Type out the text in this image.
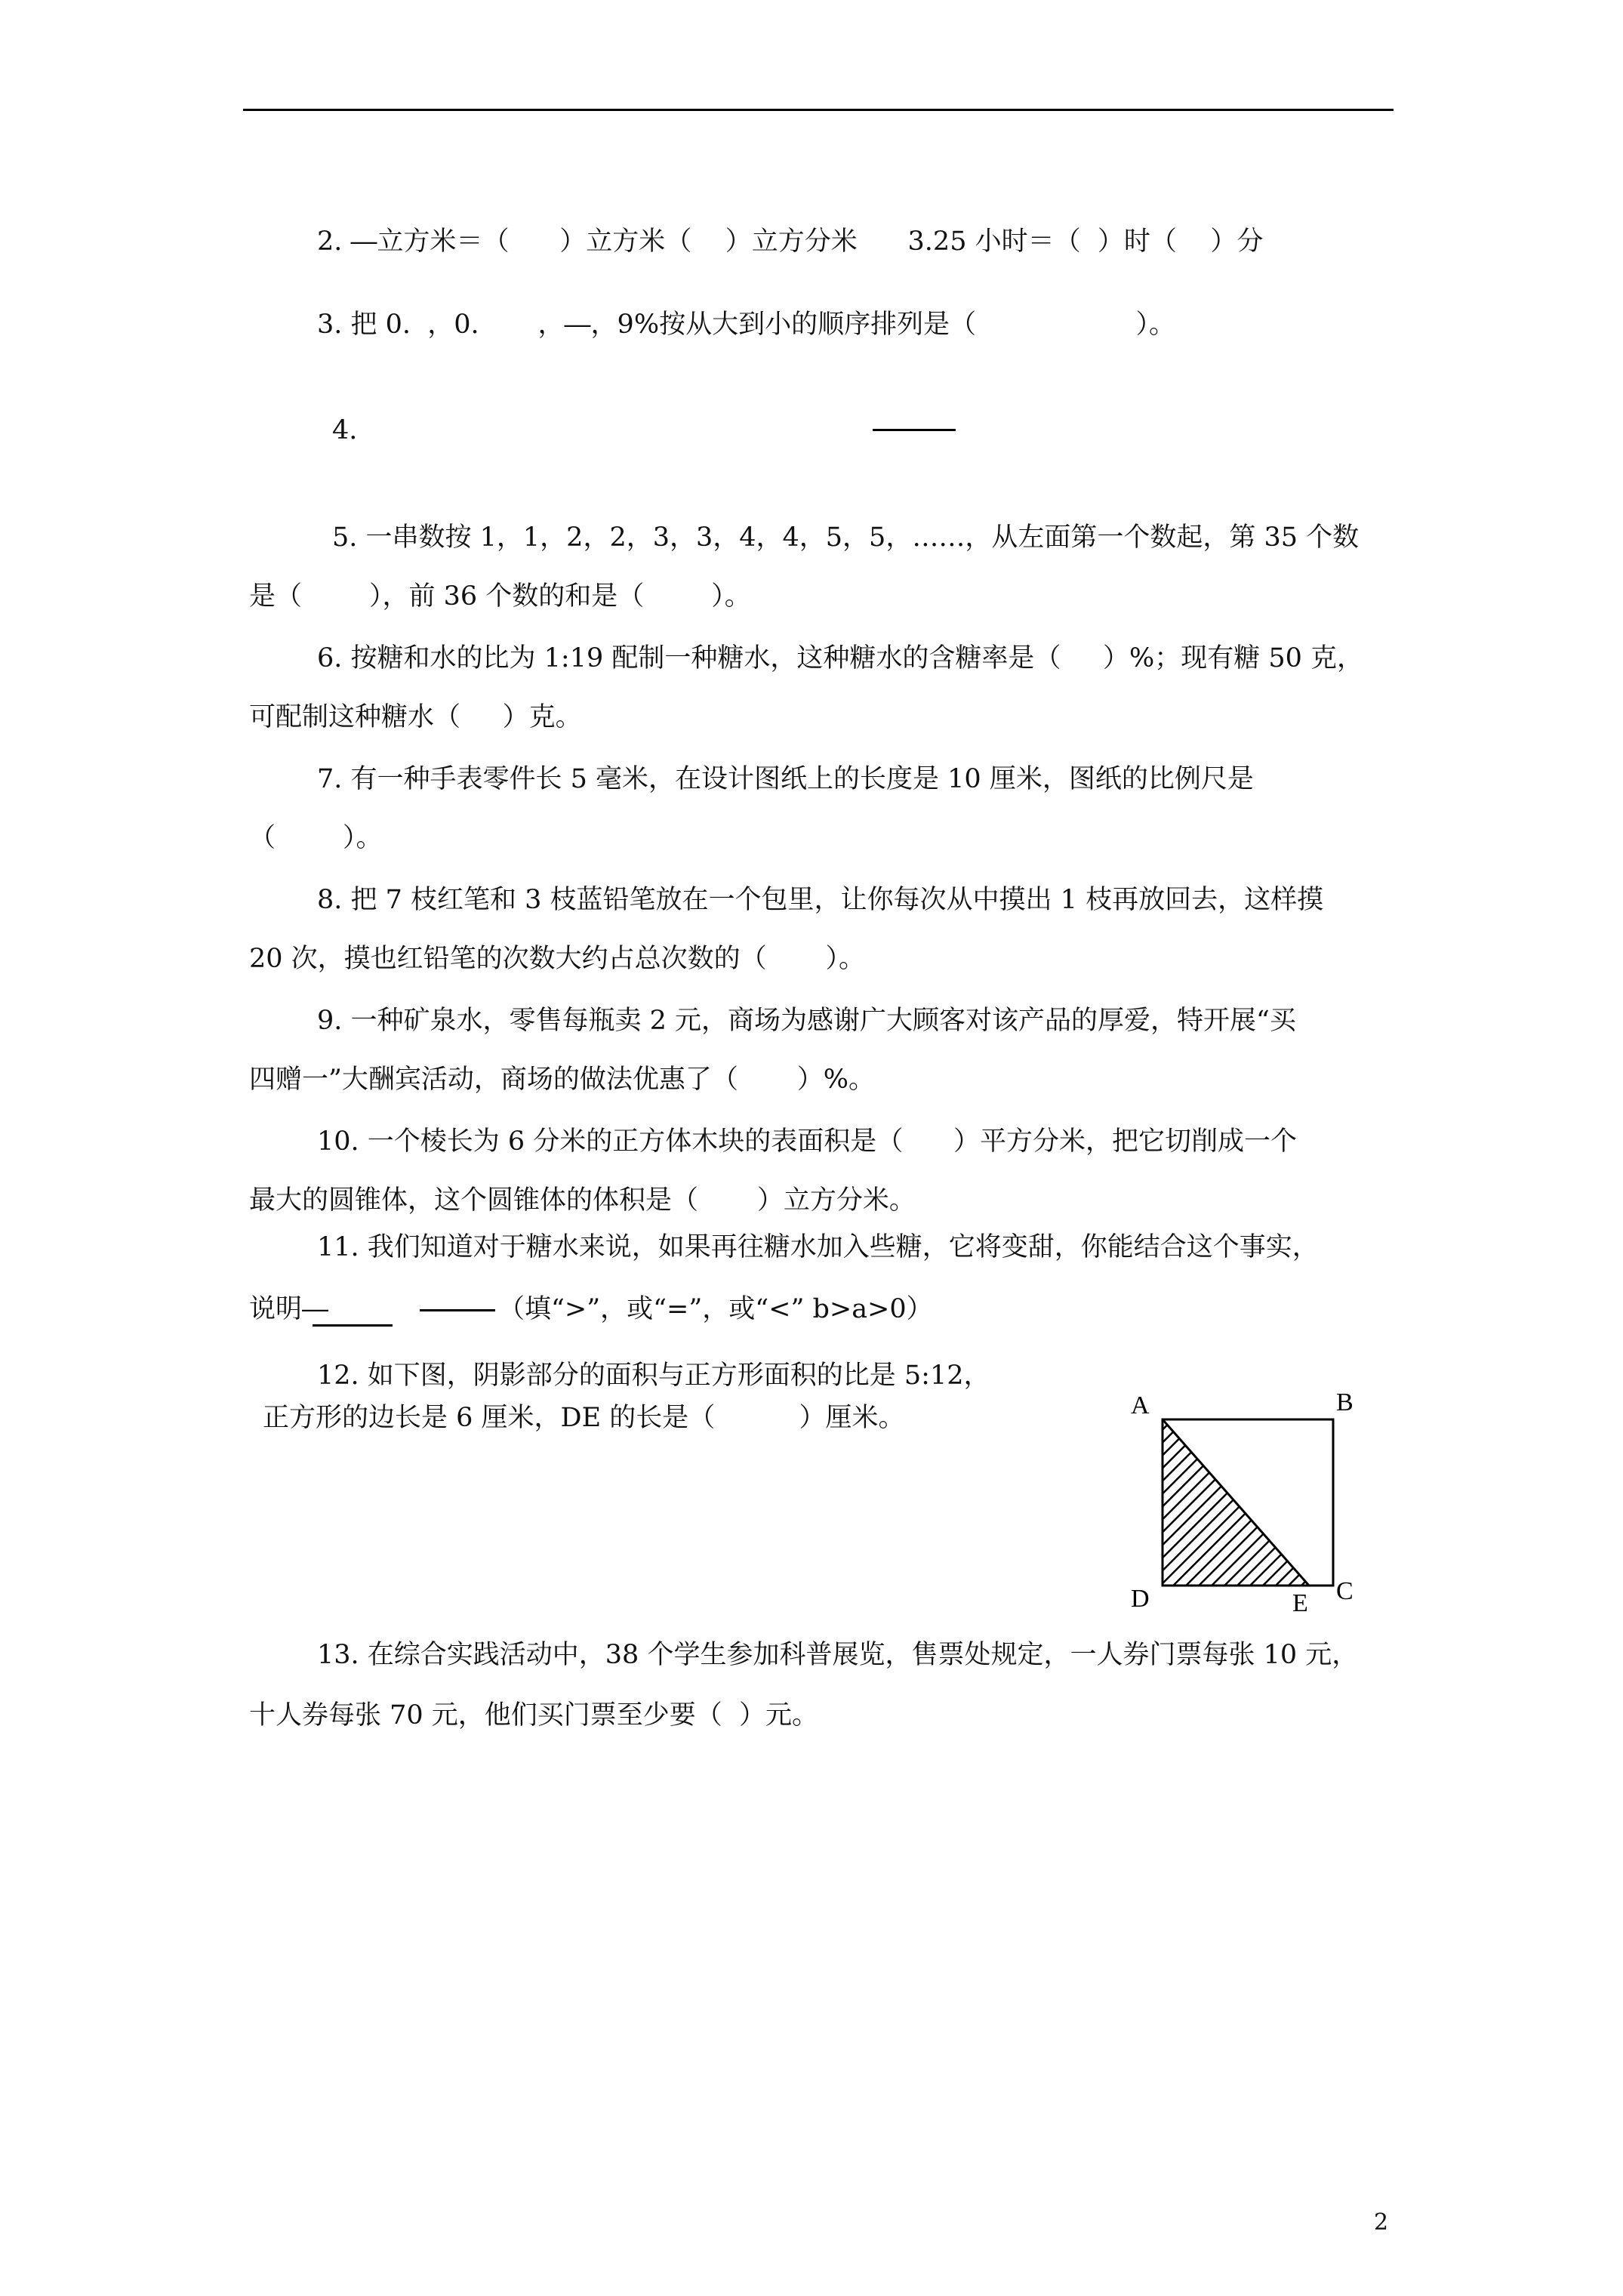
2. ―立方米＝（      ）立方米（    ）立方分米      3.25 小时＝（  ）时（    ）分
3. 把 0.  ，0.       ，―，9%按从大到小的顺序排列是（                   ）。
4.
5. 一串数按 1，1，2，2，3，3，4，4，5，5，……，从左面第一个数起，第 35 个数
是（        ），前 36 个数的和是（        ）。
6. 按糖和水的比为 1:19 配制一种糖水，这种糖水的含糖率是（     ）%；现有糖 50 克，
可配制这种糖水（     ）克。
7. 有一种手表零件长 5 毫米，在设计图纸上的长度是 10 厘米，图纸的比例尺是
（        ）。
8. 把 7 枝红笔和 3 枝蓝铅笔放在一个包里，让你每次从中摸出 1 枝再放回去，这样摸
20 次，摸也红铅笔的次数大约占总次数的（       ）。
9. 一种矿泉水，零售每瓶卖 2 元，商场为感谢广大顾客对该产品的厚爱，特开展“买
四赠一”大酬宾活动，商场的做法优惠了（       ）%。
10. 一个棱长为 6 分米的正方体木块的表面积是（      ）平方分米，把它切削成一个
最大的圆锥体，这个圆锥体的体积是（       ）立方分米。
11. 我们知道对于糖水来说，如果再往糖水加入些糖，它将变甜，你能结合这个事实，
说明―	（填“>”，或“=”，或“<” b>a>0）
12. 如下图，阴影部分的面积与正方形面积的比是 5:12，
正方形的边长是 6 厘米，DE 的长是（          ）厘米。	A	B
C
D	E
13. 在综合实践活动中，38 个学生参加科普展览，售票处规定，一人券门票每张 10 元，
十人券每张 70 元，他们买门票至少要（  ）元。
2
